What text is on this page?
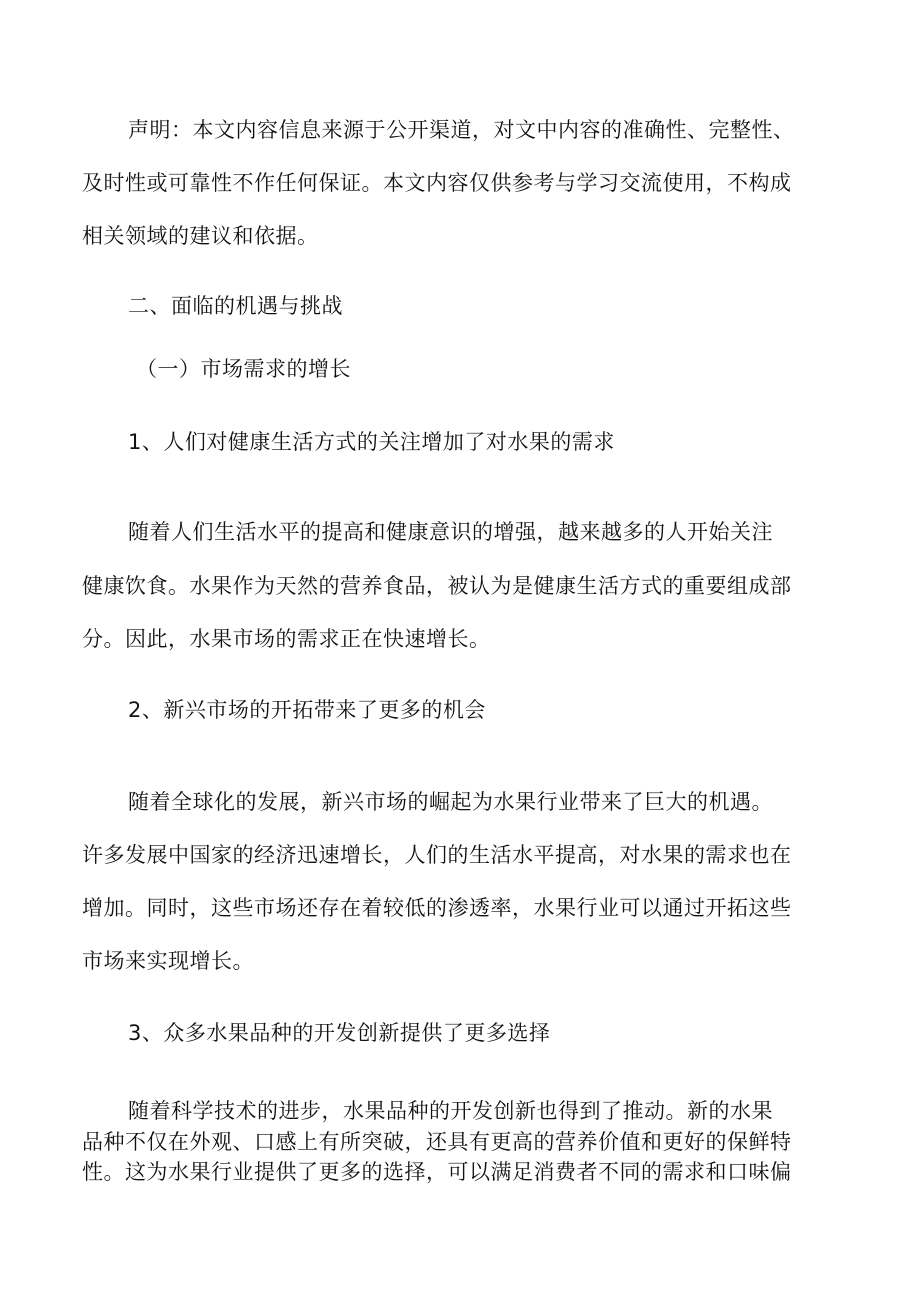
声明：本文内容信息来源于公开渠道，对文中内容的准确性、完整性、
及时性或可靠性不作任何保证。本文内容仅供参考与学习交流使用，不构成
相关领域的建议和依据。
二、面临的机遇与挑战
（一）市场需求的增长
1、人们对健康生活方式的关注增加了对水果的需求
随着人们生活水平的提高和健康意识的增强，越来越多的人开始关注
健康饮食。水果作为天然的营养食品，被认为是健康生活方式的重要组成部
分。因此，水果市场的需求正在快速增长。
2、新兴市场的开拓带来了更多的机会
随着全球化的发展，新兴市场的崛起为水果行业带来了巨大的机遇。
许多发展中国家的经济迅速增长，人们的生活水平提高，对水果的需求也在
增加。同时，这些市场还存在着较低的渗透率，水果行业可以通过开拓这些
市场来实现增长。
3、众多水果品种的开发创新提供了更多选择
随着科学技术的进步，水果品种的开发创新也得到了推动。新的水果
品种不仅在外观、口感上有所突破，还具有更高的营养价值和更好的保鲜特
性。这为水果行业提供了更多的选择，可以满足消费者不同的需求和口味偏
